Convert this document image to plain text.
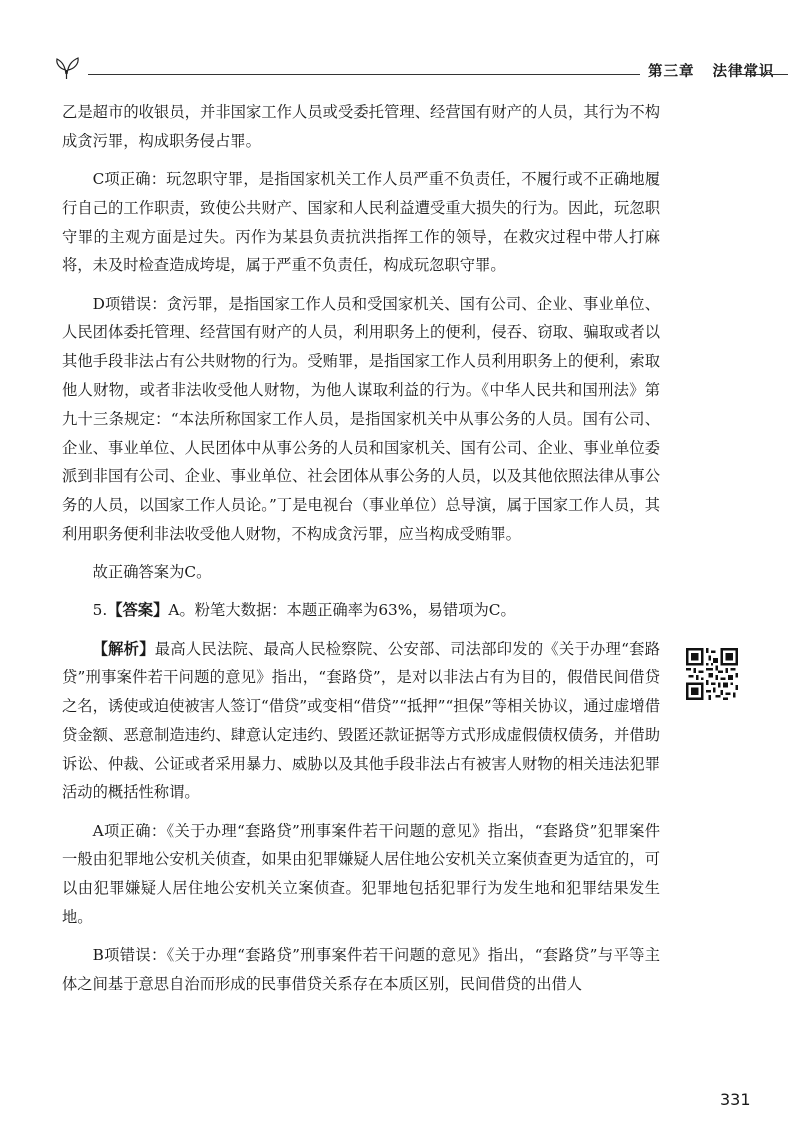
第三章 法律常识

乙是超市的收银员，并非国家工作人员或受委托管理、经营国有财产的人员，其行为不构成贪污罪，构成职务侵占罪。

C项正确：玩忽职守罪，是指国家机关工作人员严重不负责任，不履行或不正确地履行自己的工作职责，致使公共财产、国家和人民利益遭受重大损失的行为。因此，玩忽职守罪的主观方面是过失。丙作为某县负责抗洪指挥工作的领导，在救灾过程中带人打麻将，未及时检查造成垮堤，属于严重不负责任，构成玩忽职守罪。

D项错误：贪污罪，是指国家工作人员和受国家机关、国有公司、企业、事业单位、人民团体委托管理、经营国有财产的人员，利用职务上的便利，侵吞、窃取、骗取或者以其他手段非法占有公共财物的行为。受贿罪，是指国家工作人员利用职务上的便利，索取他人财物，或者非法收受他人财物，为他人谋取利益的行为。《中华人民共和国刑法》第九十三条规定：“本法所称国家工作人员，是指国家机关中从事公务的人员。国有公司、企业、事业单位、人民团体中从事公务的人员和国家机关、国有公司、企业、事业单位委派到非国有公司、企业、事业单位、社会团体从事公务的人员，以及其他依照法律从事公务的人员，以国家工作人员论。”丁是电视台（事业单位）总导演，属于国家工作人员，其利用职务便利非法收受他人财物，不构成贪污罪，应当构成受贿罪。

故正确答案为C。

5.【答案】A。粉笔大数据：本题正确率为63%，易错项为C。

【解析】最高人民法院、最高人民检察院、公安部、司法部印发的《关于办理“套路贷”刑事案件若干问题的意见》指出，“套路贷”，是对以非法占有为目的，假借民间借贷之名，诱使或迫使被害人签订“借贷”或变相“借贷”“抵押”“担保”等相关协议，通过虚增借贷金额、恶意制造违约、肆意认定违约、毁匿还款证据等方式形成虚假债权债务，并借助诉讼、仲裁、公证或者采用暴力、威胁以及其他手段非法占有被害人财物的相关违法犯罪活动的概括性称谓。

A项正确：《关于办理“套路贷”刑事案件若干问题的意见》指出，“套路贷”犯罪案件一般由犯罪地公安机关侦查，如果由犯罪嫌疑人居住地公安机关立案侦查更为适宜的，可以由犯罪嫌疑人居住地公安机关立案侦查。犯罪地包括犯罪行为发生地和犯罪结果发生地。

B项错误：《关于办理“套路贷”刑事案件若干问题的意见》指出，“套路贷”与平等主体之间基于意思自治而形成的民事借贷关系存在本质区别，民间借贷的出借人

331
